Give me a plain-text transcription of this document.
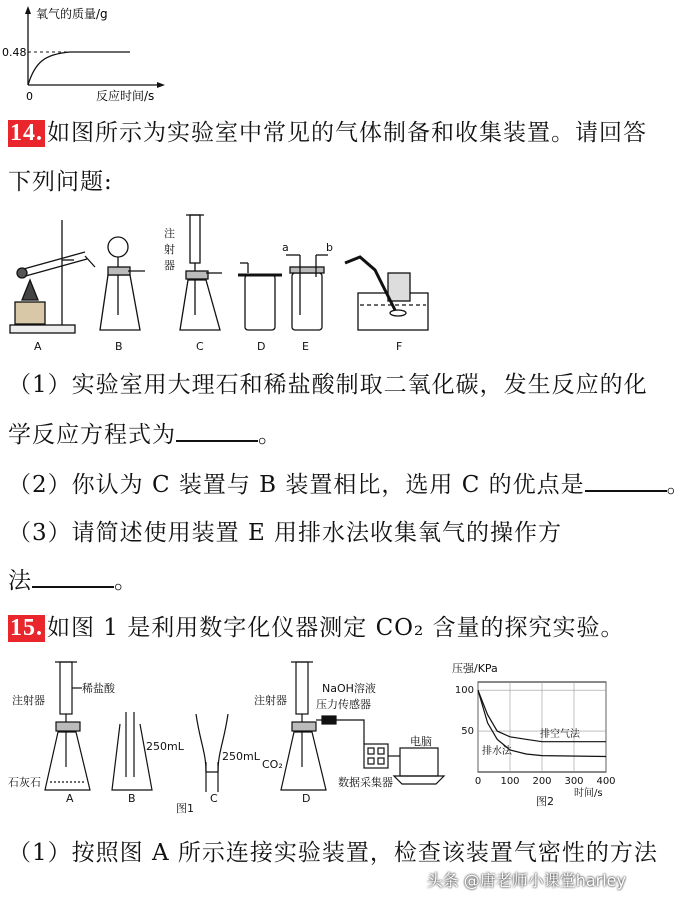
氧气的质量/g
0.48
0	反应时间/s
14. 如图所示为实验室中常见的气体制备和收集装置。请回答
下列问题:
A	B
注
射
器
C	D
a	b
E	F
（1）实验室用大理石和稀盐酸制取二氧化碳，发生反应的化
学反应方程式为	。
（2）你认为 C 装置与 B 装置相比，选用 C 的优点是	。
（3）请简述使用装置 E 用排水法收集氧气的操作方
法	。
15. 如图 1 是利用数字化仪器测定 CO₂ 含量的探究实验。
注射器
稀盐酸
石灰石
250mL
250mL
注射器
NaOH溶液
压力传感器
CO₂
数据采集器
电脑
图1
A	B	C	D
压强/KPa
50
100
0 100 200 300 400
排空气法
排水法
时间/s
图2
（1）按照图 A 所示连接实验装置，检查该装置气密性的方法
头条 @唐老师小课堂harley
